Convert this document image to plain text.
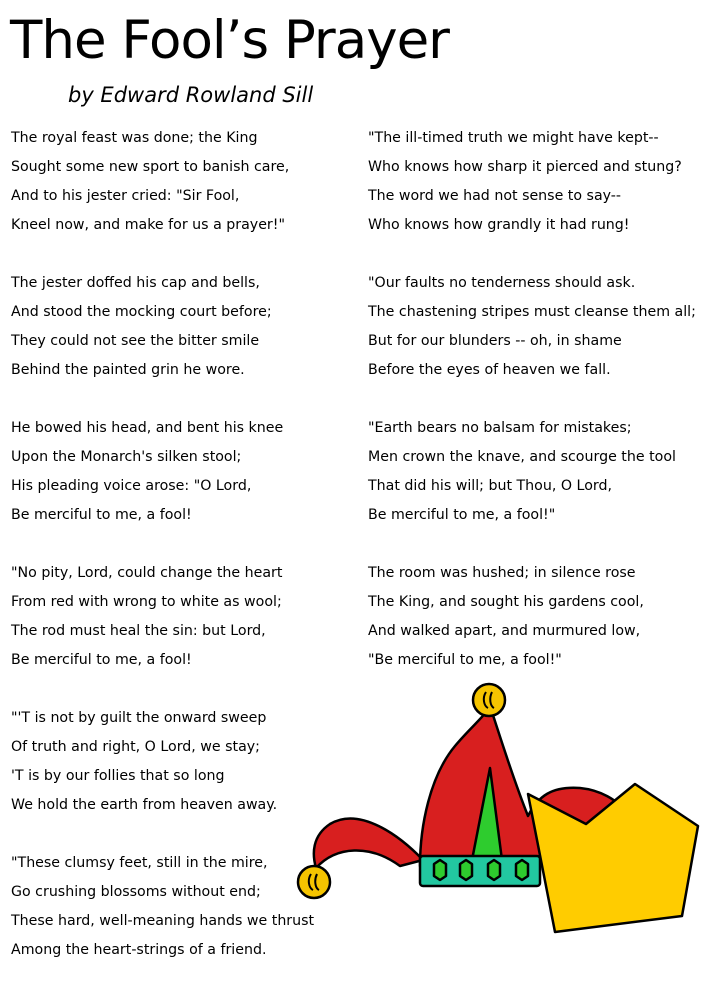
The Fool’s Prayer
by Edward Rowland Sill
The royal feast was done; the King
Sought some new sport to banish care,
And to his jester cried: "Sir Fool,
Kneel now, and make for us a prayer!"
The jester doffed his cap and bells,
And stood the mocking court before;
They could not see the bitter smile
Behind the painted grin he wore.
He bowed his head, and bent his knee
Upon the Monarch's silken stool;
His pleading voice arose: "O Lord,
Be merciful to me, a fool!
"No pity, Lord, could change the heart
From red with wrong to white as wool;
The rod must heal the sin: but Lord,
Be merciful to me, a fool!
"'T is not by guilt the onward sweep
Of truth and right, O Lord, we stay;
'T is by our follies that so long
We hold the earth from heaven away.
"These clumsy feet, still in the mire,
Go crushing blossoms without end;
These hard, well-meaning hands we thrust
Among the heart-strings of a friend.
"The ill-timed truth we might have kept--
Who knows how sharp it pierced and stung?
The word we had not sense to say--
Who knows how grandly it had rung!
"Our faults no tenderness should ask.
The chastening stripes must cleanse them all;
But for our blunders -- oh, in shame
Before the eyes of heaven we fall.
"Earth bears no balsam for mistakes;
Men crown the knave, and scourge the tool
That did his will; but Thou, O Lord,
Be merciful to me, a fool!"
The room was hushed; in silence rose
The King, and sought his gardens cool,
And walked apart, and murmured low,
"Be merciful to me, a fool!"
